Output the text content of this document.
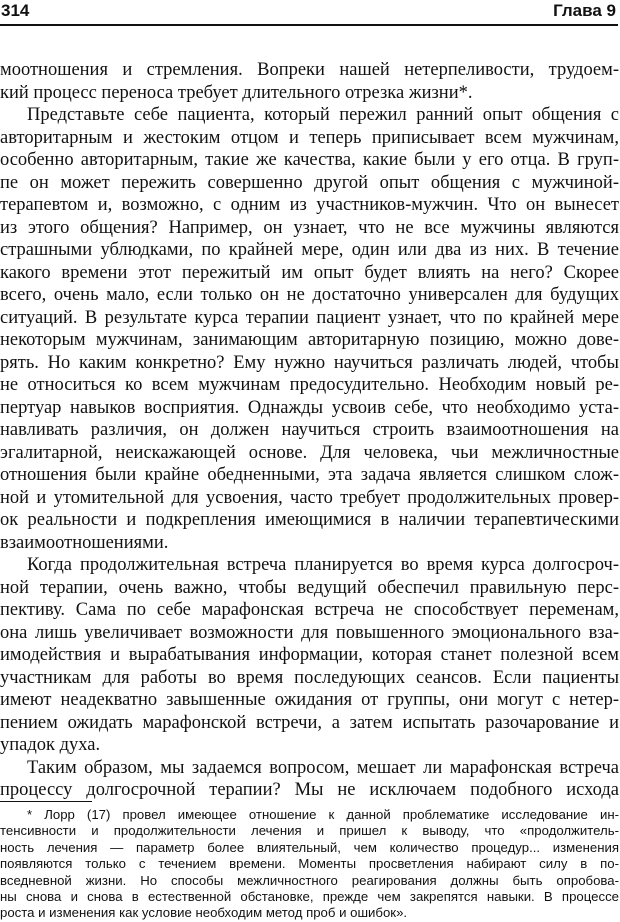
314	Глава 9
моотношения и стремления. Вопреки нашей нетерпеливости, трудоем-
кий процесс переноса требует длительного отрезка жизни*.
Представьте себе пациента, который пережил ранний опыт общения с
авторитарным и жестоким отцом и теперь приписывает всем мужчинам,
особенно авторитарным, такие же качества, какие были у его отца. В груп-
пе он может пережить совершенно другой опыт общения с мужчиной-
терапевтом и, возможно, с одним из участников-мужчин. Что он вынесет
из этого общения? Например, он узнает, что не все мужчины являются
страшными ублюдками, по крайней мере, один или два из них. В течение
какого времени этот пережитый им опыт будет влиять на него? Скорее
всего, очень мало, если только он не достаточно универсален для будущих
ситуаций. В результате курса терапии пациент узнает, что по крайней мере
некоторым мужчинам, занимающим авторитарную позицию, можно дове-
рять. Но каким конкретно? Ему нужно научиться различать людей, чтобы
не относиться ко всем мужчинам предосудительно. Необходим новый ре-
пертуар навыков восприятия. Однажды усвоив себе, что необходимо уста-
навливать различия, он должен научиться строить взаимоотношения на
эгалитарной, неискажающей основе. Для человека, чьи межличностные
отношения были крайне обедненными, эта задача является слишком слож-
ной и утомительной для усвоения, часто требует продолжительных провер-
ок реальности и подкрепления имеющимися в наличии терапевтическими
взаимоотношениями.
Когда продолжительная встреча планируется во время курса долгосроч-
ной терапии, очень важно, чтобы ведущий обеспечил правильную перс-
пективу. Сама по себе марафонская встреча не способствует переменам,
она лишь увеличивает возможности для повышенного эмоционального вза-
имодействия и вырабатывания информации, которая станет полезной всем
участникам для работы во время последующих сеансов. Если пациенты
имеют неадекватно завышенные ожидания от группы, они могут с нетер-
пением ожидать марафонской встречи, а затем испытать разочарование и
упадок духа.
Таким образом, мы задаемся вопросом, мешает ли марафонская встреча
процессу долгосрочной терапии? Мы не исключаем подобного исхода
* Лорр (17) провел имеющее отношение к данной проблематике исследование ин-
тенсивности и продолжительности лечения и пришел к выводу, что «продолжитель-
ность лечения — параметр более влиятельный, чем количество процедур... изменения
появляются только с течением времени. Моменты просветления набирают силу в по-
вседневной жизни. Но способы межличностного реагирования должны быть опробова-
ны снова и снова в естественной обстановке, прежде чем закрепятся навыки. В процессе
роста и изменения как условие необходим метод проб и ошибок».
